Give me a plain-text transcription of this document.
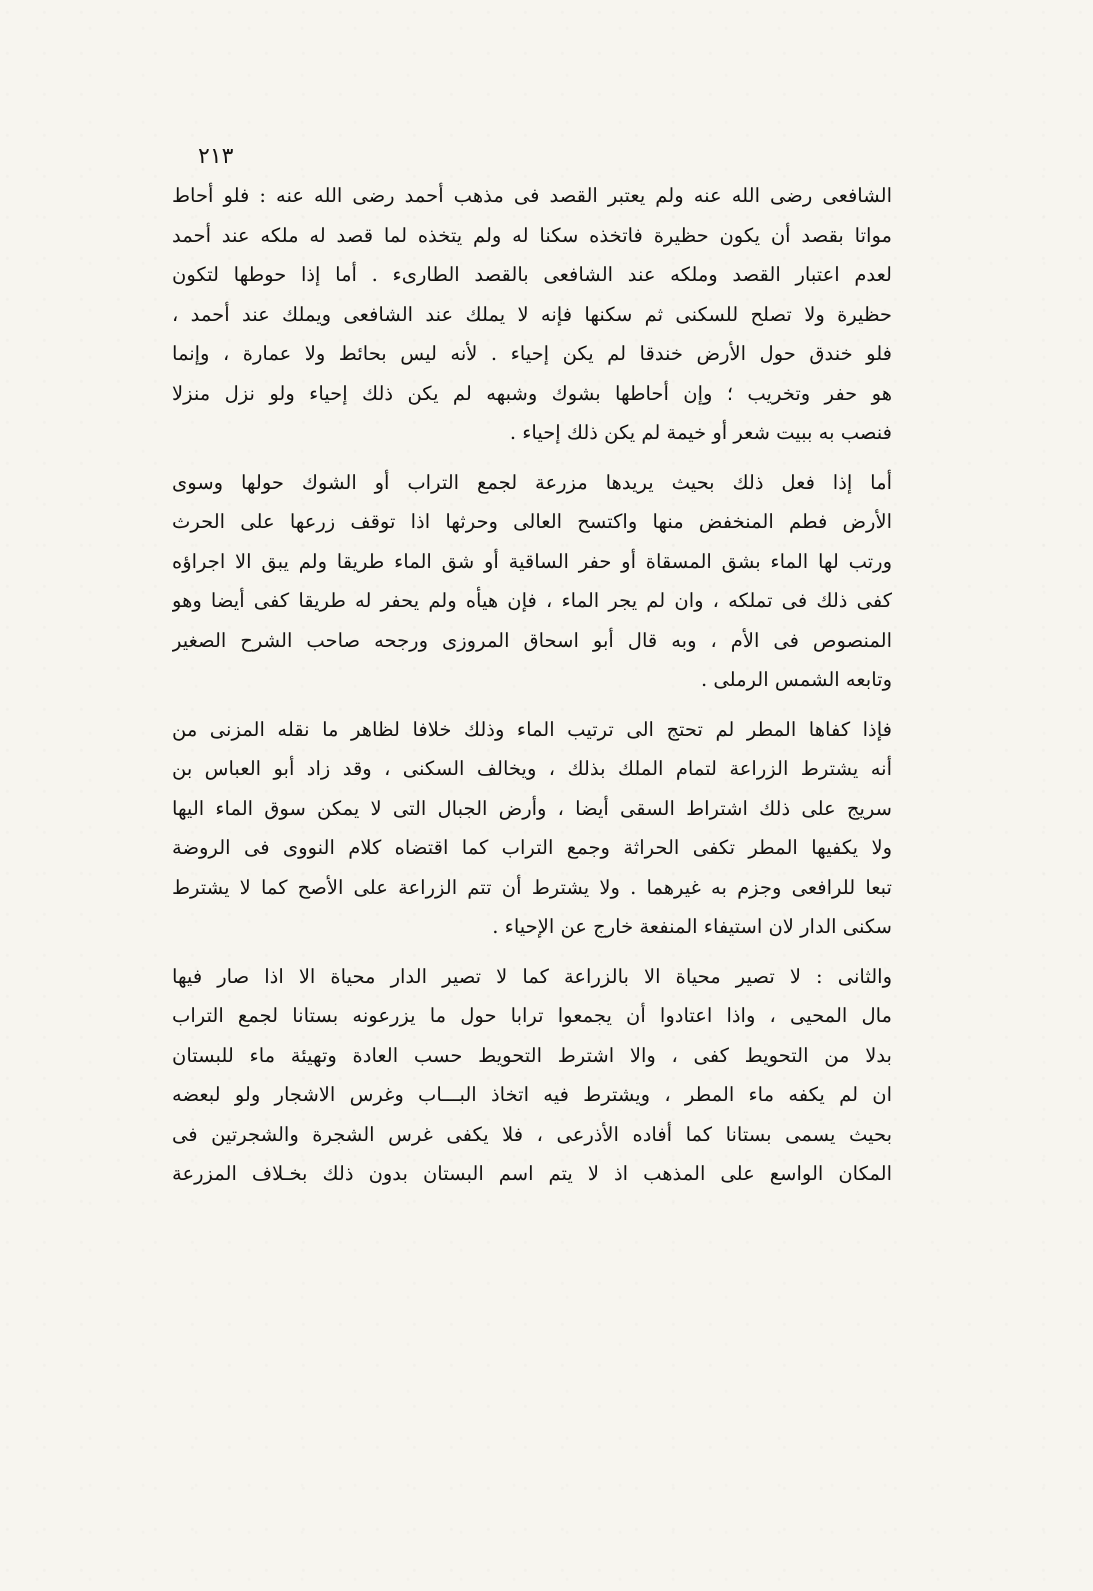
٢١٣
الشافعى رضى الله عنه ولم يعتبر القصد فى مذهب أحمد رضى الله عنه : فلو أحاط
مواتا بقصد أن يكون حظيرة فاتخذه سكنا له ولم يتخذه لما قصد له ملكه عند أحمد
لعدم اعتبار القصد وملكه عند الشافعى بالقصد الطارىء . أما إذا حوطها لتكون
حظيرة ولا تصلح للسكنى ثم سكنها فإنه لا يملك عند الشافعى ويملك عند أحمد ،
فلو خندق حول الأرض خندقا لم يكن إحياء . لأنه ليس بحائط ولا عمارة ، وإنما
هو حفر وتخريب ؛ وإن أحاطها بشوك وشبهه لم يكن ذلك إحياء ولو نزل منزلا
فنصب به ببيت شعر أو خيمة لم يكن ذلك إحياء .
أما إذا فعل ذلك بحيث يريدها مزرعة لجمع التراب أو الشوك حولها وسوى
الأرض فطم المنخفض منها واكتسح العالى وحرثها اذا توقف زرعها على الحرث
ورتب لها الماء بشق المسقاة أو حفر الساقية أو شق الماء طريقا ولم يبق الا اجراؤه
كفى ذلك فى تملكه ، وان لم يجر الماء ، فإن هيأه ولم يحفر له طريقا كفى أيضا وهو
المنصوص فى الأم ، وبه قال أبو اسحاق المروزى ورجحه صاحب الشرح الصغير
وتابعه الشمس الرملى .
فإذا كفاها المطر لم تحتج الى ترتيب الماء وذلك خلافا لظاهر ما نقله المزنى من
أنه يشترط الزراعة لتمام الملك بذلك ، ويخالف السكنى ، وقد زاد أبو العباس بن
سريج على ذلك اشتراط السقى أيضا ، وأرض الجبال التى لا يمكن سوق الماء اليها
ولا يكفيها المطر تكفى الحراثة وجمع التراب كما اقتضاه كلام النووى فى الروضة
تبعا للرافعى وجزم به غيرهما . ولا يشترط أن تتم الزراعة على الأصح كما لا يشترط
سكنى الدار لان استيفاء المنفعة خارج عن الإحياء .
والثانى : لا تصير محياة الا بالزراعة كما لا تصير الدار محياة الا اذا صار فيها
مال المحيى ، واذا اعتادوا أن يجمعوا ترابا حول ما يزرعونه بستانا لجمع التراب
بدلا من التحويط كفى ، والا اشترط التحويط حسب العادة وتهيئة ماء للبستان
ان لم يكفه ماء المطر ، ويشترط فيه اتخاذ البـــاب وغرس الاشجار ولو لبعضه
بحيث يسمى بستانا كما أفاده الأذرعى ، فلا يكفى غرس الشجرة والشجرتين فى
المكان الواسع على المذهب اذ لا يتم اسم البستان بدون ذلك بخـلاف المزرعة
